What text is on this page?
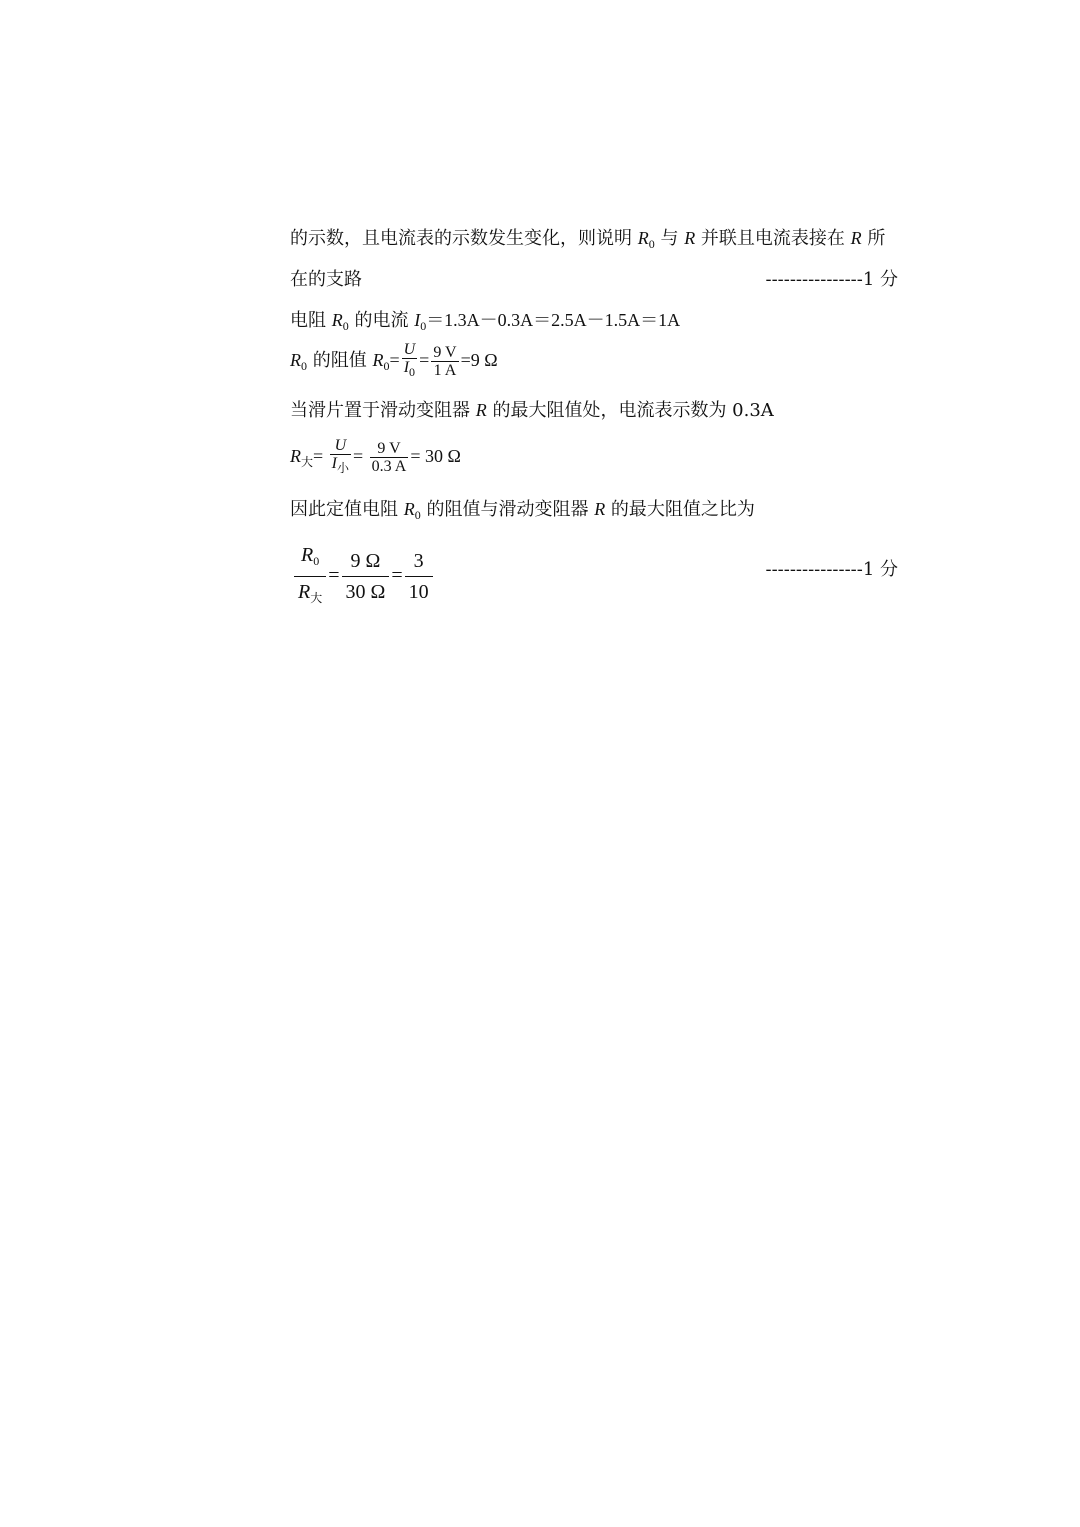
的示数，且电流表的示数发生变化，则说明 $R_0$ 与 R 并联且电流表接在 R 所
在的支路	----------------1 分
电阻 $R_0$ 的电流 $I_0=1.3A-0.3A=2.5A-1.5A=1A$
$R_0$ 的阻值 $R_0= \frac{U}{I_0} = \frac{9 V}{1 A} =9$ Ω
当滑片置于滑动变阻器 R 的最大阻值处，电流表示数为 0.3A
$R_大= \frac{U}{I_小} = \frac{9 V}{0.3 A} = 30$ Ω
因此定值电阻 $R_0$ 的阻值与滑动变阻器 R 的最大阻值之比为
$\frac{R_0}{R_大} = \frac{9 \Omega}{30 \Omega} = \frac{3}{10}$	----------------1 分
